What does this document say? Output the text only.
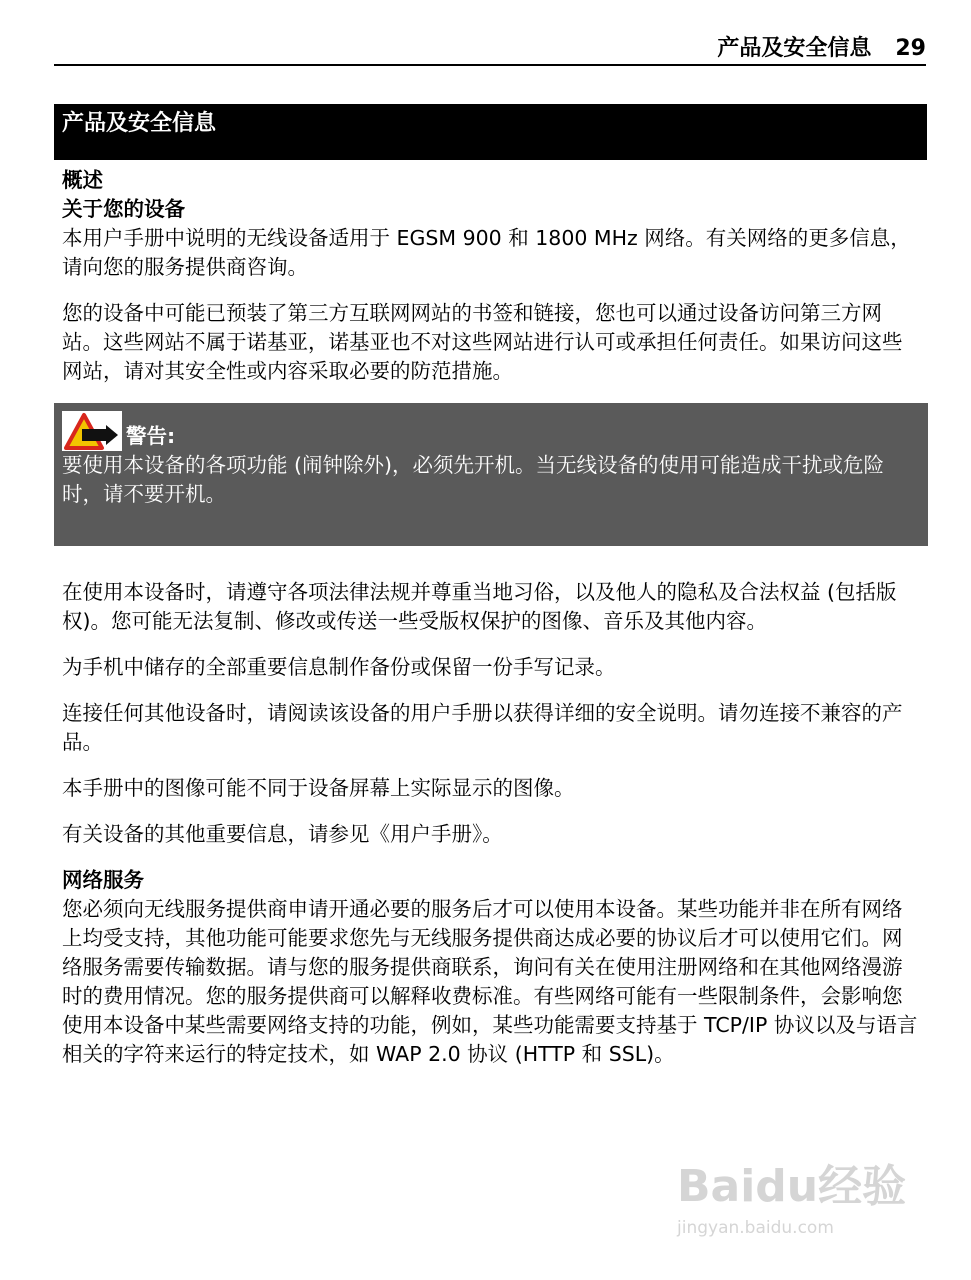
产品及安全信息 29
产品及安全信息
概述
关于您的设备

本用户手册中说明的无线设备适用于 EGSM 900 和 1800 MHz 网络。有关网络的更多信息，请向您的服务提供商咨询。

您的设备中可能已预装了第三方互联网网站的书签和链接，您也可以通过设备访问第三方网站。这些网站不属于诺基亚，诺基亚也不对这些网站进行认可或承担任何责任。如果访问这些网站，请对其安全性或内容采取必要的防范措施。

警告:

要使用本设备的各项功能 (闹钟除外)，必须先开机。当无线设备的使用可能造成干扰或危险时，请不要开机。

在使用本设备时，请遵守各项法律法规并尊重当地习俗，以及他人的隐私及合法权益 (包括版权)。您可能无法复制、修改或传送一些受版权保护的图像、音乐及其他内容。

为手机中储存的全部重要信息制作备份或保留一份手写记录。

连接任何其他设备时，请阅读该设备的用户手册以获得详细的安全说明。请勿连接不兼容的产品。

本手册中的图像可能不同于设备屏幕上实际显示的图像。

有关设备的其他重要信息，请参见《用户手册》。

网络服务

您必须向无线服务提供商申请开通必要的服务后才可以使用本设备。某些功能并非在所有网络上均受支持，其他功能可能要求您先与无线服务提供商达成必要的协议后才可以使用它们。网络服务需要传输数据。请与您的服务提供商联系，询问有关在使用注册网络和在其他网络漫游时的费用情况。您的服务提供商可以解释收费标准。有些网络可能有一些限制条件，会影响您使用本设备中某些需要网络支持的功能，例如，某些功能需要支持基于 TCP/IP 协议以及与语言相关的字符来运行的特定技术，如 WAP 2.0 协议 (HTTP 和 SSL)。

Baidu经验
jingyan.baidu.com
